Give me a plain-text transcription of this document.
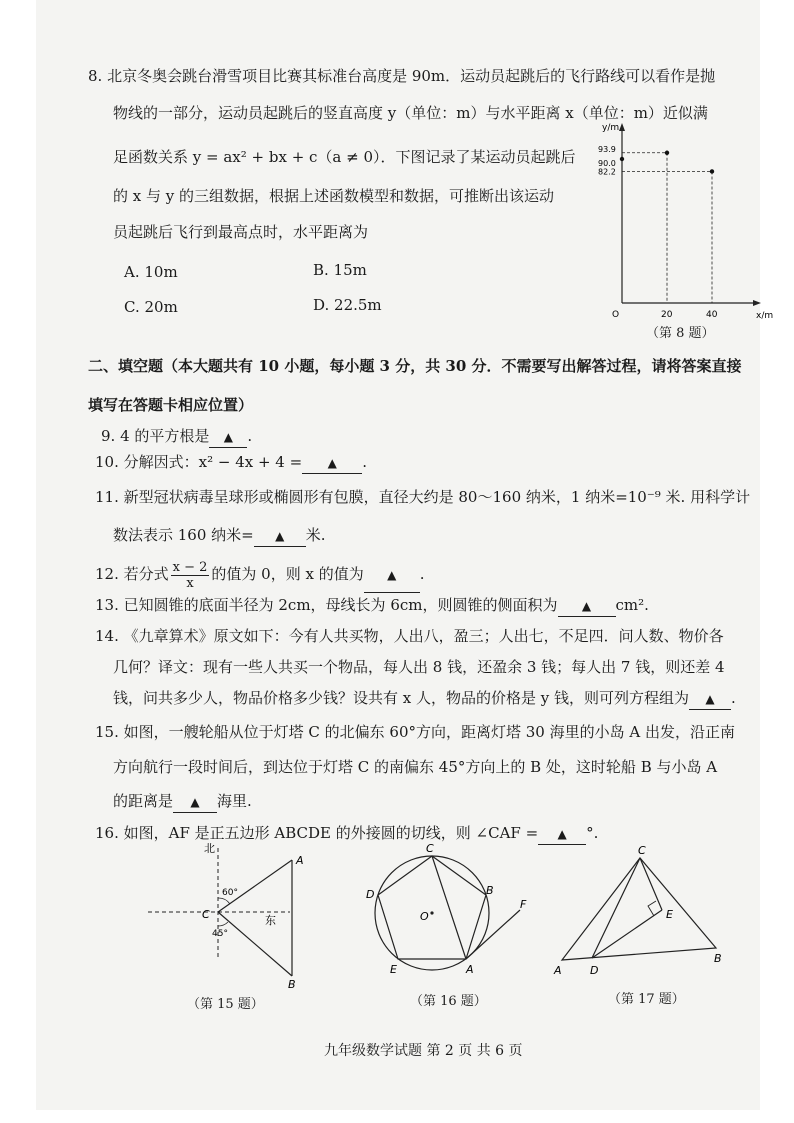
8. 北京冬奥会跳台滑雪项目比赛其标准台高度是 90m．运动员起跳后的飞行路线可以看作是抛
物线的一部分，运动员起跳后的竖直高度 y（单位：m）与水平距离 x（单位：m）近似满
足函数关系 y = ax² + bx + c（a ≠ 0）．下图记录了某运动员起跳后
的 x 与 y 的三组数据，根据上述函数模型和数据，可推断出该运动
员起跳后飞行到最高点时，水平距离为
A. 10m	B. 15m
C. 20m	D. 22.5m
y/m
x/m
93.9
90.0
82.2
O	20	40
（第 8 题）
二、填空题（本大题共有 10 小题，每小题 3 分，共 30 分．不需要写出解答过程，请将答案直接
填写在答题卡相应位置）
9. 4 的平方根是 ▲ .
10. 分解因式：x² − 4x + 4 = ▲ .
11. 新型冠状病毒呈球形或椭圆形有包膜，直径大约是 80～160 纳米，1 纳米=10⁻⁹ 米. 用科学计
数法表示 160 纳米= ▲ 米.
12. 若分式 $\frac{x - 2}{x}$ 的值为 0，则 x 的值为 ▲ .
13. 已知圆锥的底面半径为 2cm，母线长为 6cm，则圆锥的侧面积为 ▲ cm².
14. 《九章算术》原文如下：今有人共买物，人出八，盈三；人出七，不足四．问人数、物价各
几何？译文：现有一些人共买一个物品，每人出 8 钱，还盈余 3 钱；每人出 7 钱，则还差 4
钱，问共多少人，物品价格多少钱？设共有 x 人，物品的价格是 y 钱，则可列方程组为 ▲ .
15. 如图，一艘轮船从位于灯塔 C 的北偏东 60°方向，距离灯塔 30 海里的小岛 A 出发，沿正南
方向航行一段时间后，到达位于灯塔 C 的南偏东 45°方向上的 B 处，这时轮船 B 与小岛 A
的距离是 ▲ 海里.
16. 如图，AF 是正五边形 ABCDE 的外接圆的切线，则 ∠CAF = ▲ °.
北
东
60°
45°
A
B
C
（第 15 题）
C
B
D
E	A
F
O
（第 16 题）
C
E
A	D
B
（第 17 题）
九年级数学试题 第 2 页 共 6 页
